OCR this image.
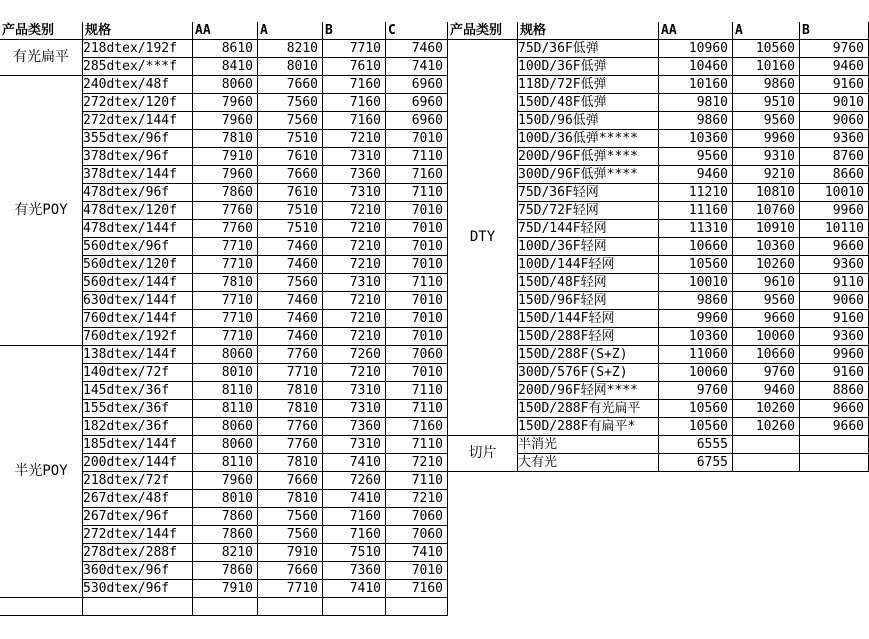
产品类别	规格	AA	A	B	C	产品类别	规格	AA	A	B
有光扁平
218dtex/192f	8610	8210	7710	7460
285dtex/***f	8410	8010	7610	7410
有光POY
240dtex/48f	8060	7660	7160	6960
272dtex/120f	7960	7560	7160	6960
272dtex/144f	7960	7560	7160	6960
355dtex/96f	7810	7510	7210	7010
378dtex/96f	7910	7610	7310	7110
378dtex/144f	7960	7660	7360	7160
478dtex/96f	7860	7610	7310	7110
478dtex/120f	7760	7510	7210	7010
478dtex/144f	7760	7510	7210	7010
560dtex/96f	7710	7460	7210	7010
560dtex/120f	7710	7460	7210	7010
560dtex/144f	7810	7560	7310	7110
630dtex/144f	7710	7460	7210	7010
760dtex/144f	7710	7460	7210	7010
760dtex/192f	7710	7460	7210	7010
半光POY
138dtex/144f	8060	7760	7260	7060
140dtex/72f	8010	7710	7210	7010
145dtex/36f	8110	7810	7310	7110
155dtex/36f	8110	7810	7310	7110
182dtex/36f	8060	7760	7360	7160
185dtex/144f	8060	7760	7310	7110
200dtex/144f	8110	7810	7410	7210
218dtex/72f	7960	7660	7260	7110
267dtex/48f	8010	7810	7410	7210
267dtex/96f	7860	7560	7160	7060
272dtex/144f	7860	7560	7160	7060
278dtex/288f	8210	7910	7510	7410
360dtex/96f	7860	7660	7360	7010
530dtex/96f	7910	7710	7410	7160
DTY
75D/36F低弹	10960	10560	9760
100D/36F低弹	10460	10160	9460
118D/72F低弹	10160	9860	9160
150D/48F低弹	9810	9510	9010
150D/96低弹	9860	9560	9060
100D/36低弹*****	10360	9960	9360
200D/96F低弹****	9560	9310	8760
300D/96F低弹****	9460	9210	8660
75D/36F轻网	11210	10810	10010
75D/72F轻网	11160	10760	9960
75D/144F轻网	11310	10910	10110
100D/36F轻网	10660	10360	9660
100D/144F轻网	10560	10260	9360
150D/48F轻网	10010	9610	9110
150D/96F轻网	9860	9560	9060
150D/144F轻网	9960	9660	9160
150D/288F轻网	10360	10060	9360
150D/288F(S+Z)	11060	10660	9960
300D/576F(S+Z)	10060	9760	9160
200D/96F轻网****	9760	9460	8860
150D/288F有光扁平	10560	10260	9660
150D/288F有扁平*	10560	10260	9660
切片
半消光	6555
大有光	6755
